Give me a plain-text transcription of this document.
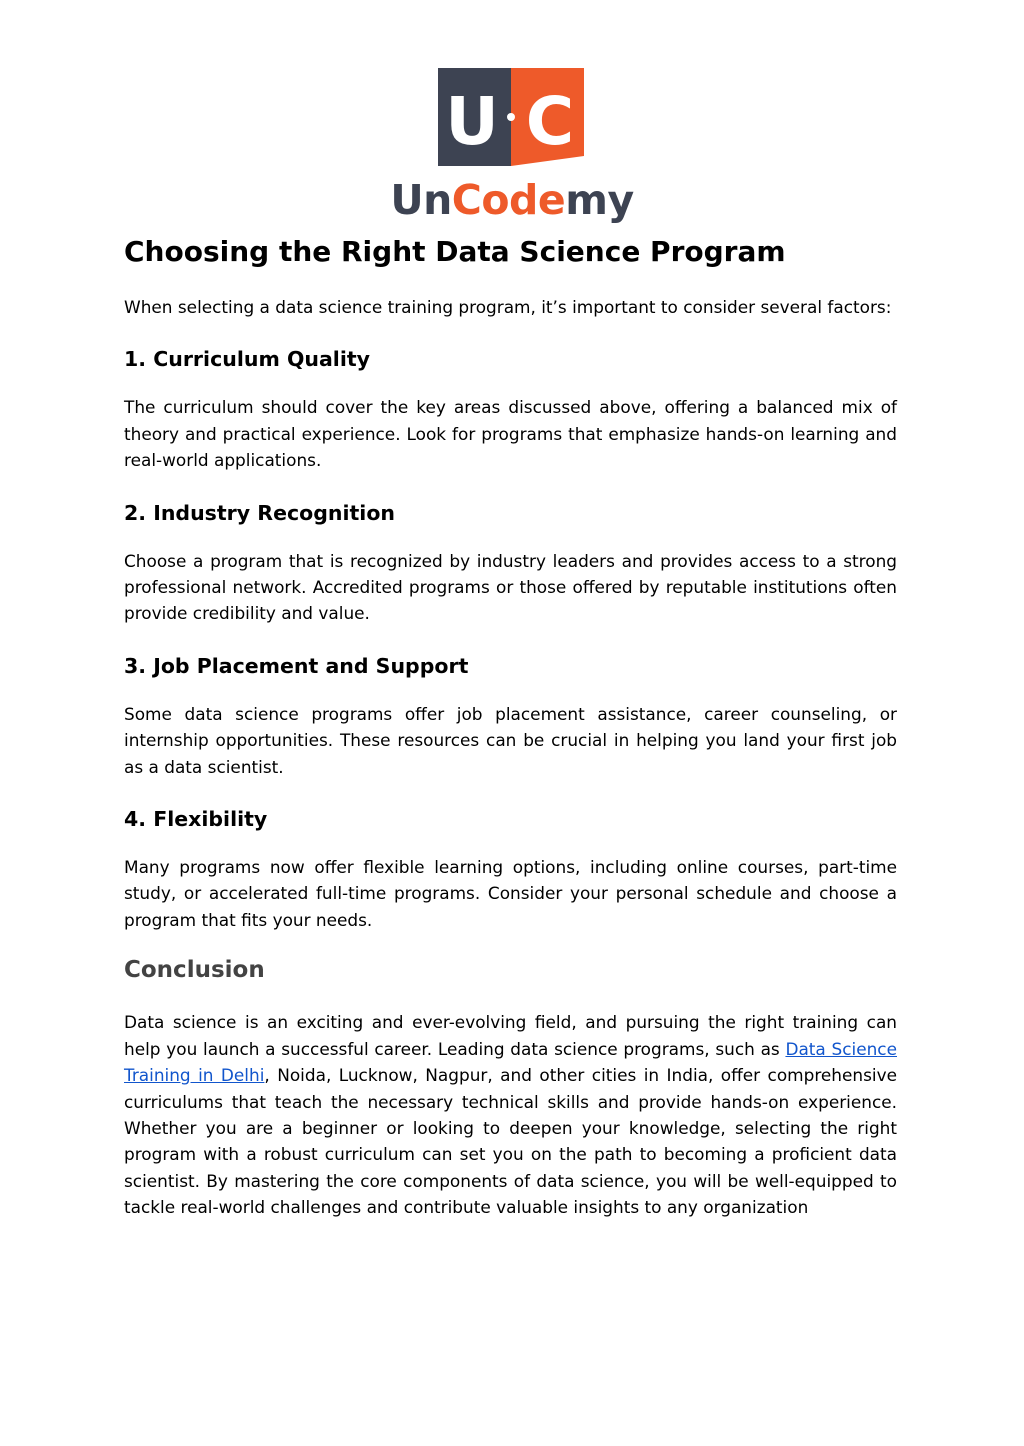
U C
UnCodemy
Choosing the Right Data Science Program

When selecting a data science training program, it’s important to consider several factors:

1. Curriculum Quality

The curriculum should cover the key areas discussed above, offering a balanced mix of theory and practical experience. Look for programs that emphasize hands-on learning and real-world applications.

2. Industry Recognition

Choose a program that is recognized by industry leaders and provides access to a strong professional network. Accredited programs or those offered by reputable institutions often provide credibility and value.

3. Job Placement and Support

Some data science programs offer job placement assistance, career counseling, or internship opportunities. These resources can be crucial in helping you land your first job as a data scientist.

4. Flexibility

Many programs now offer flexible learning options, including online courses, part-time study, or accelerated full-time programs. Consider your personal schedule and choose a program that fits your needs.

Conclusion

Data science is an exciting and ever-evolving field, and pursuing the right training can help you launch a successful career. Leading data science programs, such as Data Science Training in Delhi, Noida, Lucknow, Nagpur, and other cities in India, offer comprehensive curriculums that teach the necessary technical skills and provide hands-on experience. Whether you are a beginner or looking to deepen your knowledge, selecting the right program with a robust curriculum can set you on the path to becoming a proficient data scientist. By mastering the core components of data science, you will be well-equipped to tackle real-world challenges and contribute valuable insights to any organization
